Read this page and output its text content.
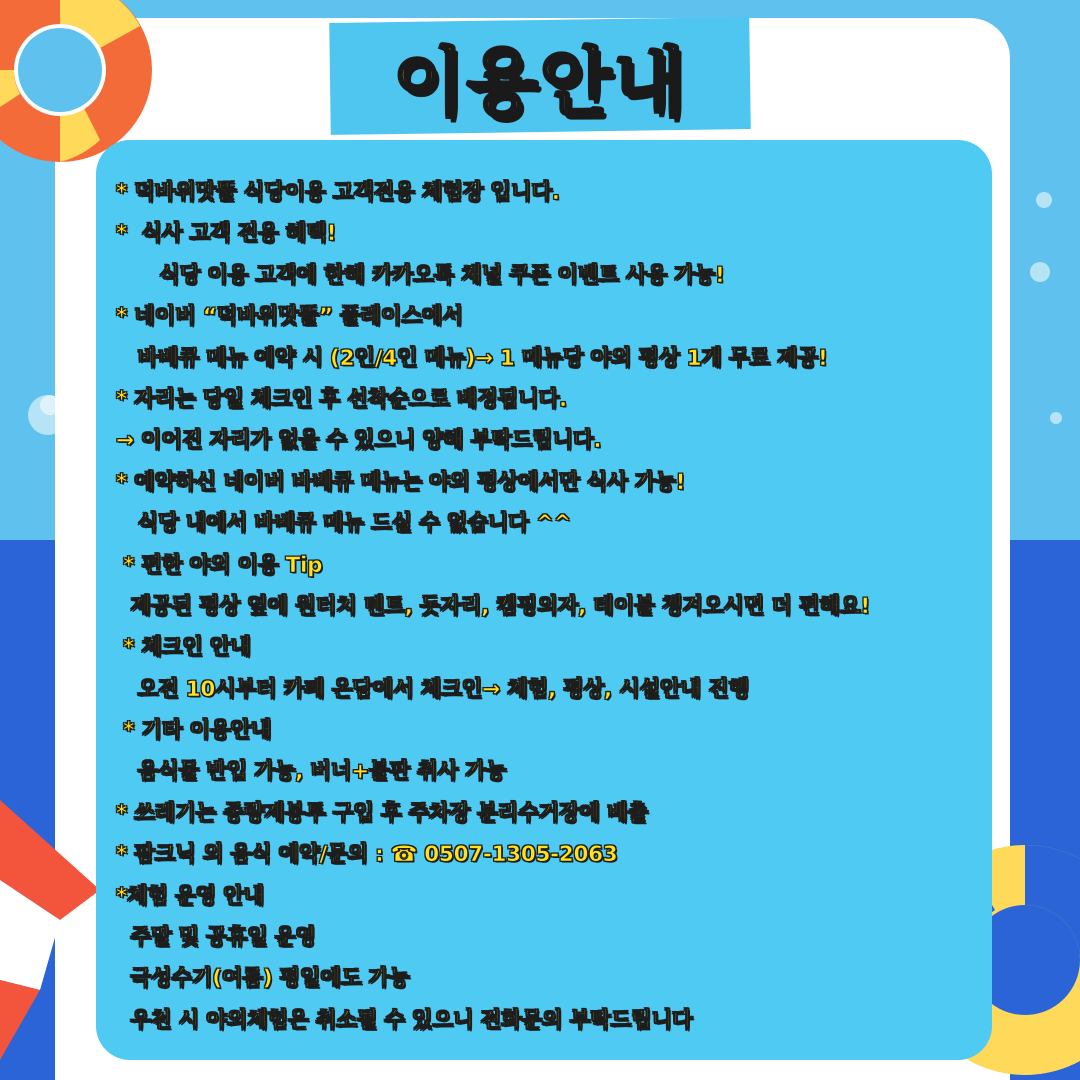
이용안내
* 덕바위맛뜰 식당이용 고객전용 체험장 입니다.
*  식사 고객 전용 혜택!
식당 이용 고객에 한해 카카오톡 채널 쿠폰 이벤트 사용 가능!
* 네이버 “덕바위맛뜰” 플레이스에서
바베큐 메뉴 예약 시 (2인/4인 메뉴)→ 1 메뉴당 야외 평상 1개 무료 제공!
* 자리는 당일 체크인 후 선착순으로 배정됩니다.
→ 이어진 자리가 없을 수 있으니 양해 부탁드립니다.
* 예약하신 네이버 바베큐 메뉴는 야외 평상에서만 식사 가능!
식당 내에서 바베큐 메뉴 드실 수 없습니다 ^^
* 편한 야외 이용 Tip
제공된 평상 옆에 원터치 텐트, 돗자리, 캠핑의자, 테이블 챙겨오시면 더 편해요!
* 체크인 안내
오전 10시부터 카페 온담에서 체크인→ 체험, 평상, 시설안내 진행
* 기타 이용안내
음식물 반입 가능, 버너+불판 취사 가능
* 쓰레기는 종량제봉투 구입 후 주차장 분리수거장에 배출
* 팜크닉 외 음식 예약/문의 : ☎ 0507-1305-2063
*체험 운영 안내
주말 및 공휴일 운영
극성수기(여름) 평일에도 가능
우천 시 야외체험은 취소될 수 있으니 전화문의 부탁드립니다
